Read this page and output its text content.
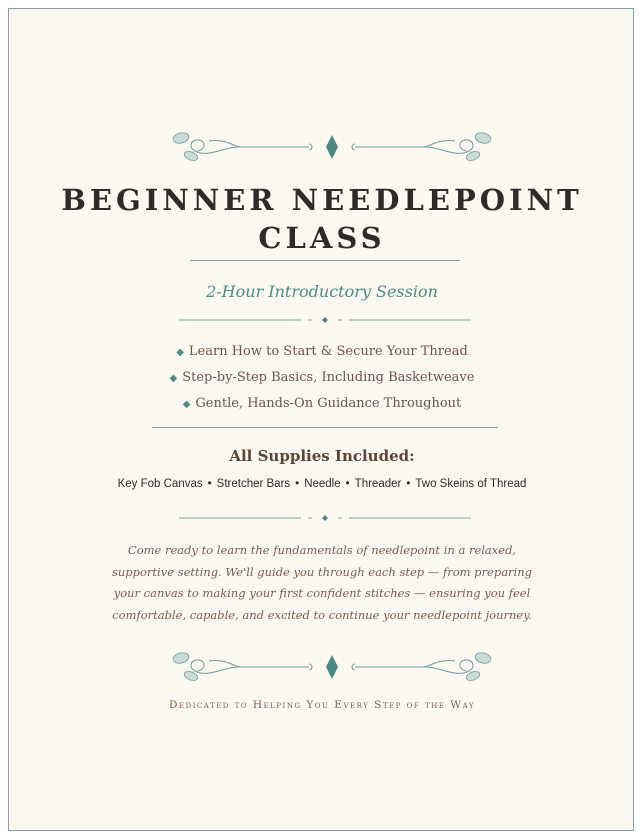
BEGINNER NEEDLEPOINT CLASS
2-Hour Introductory Session
◆ Learn How to Start & Secure Your Thread
◆ Step-by-Step Basics, Including Basketweave
◆ Gentle, Hands-On Guidance Throughout
All Supplies Included:
Key Fob Canvas • Stretcher Bars • Needle • Threader • Two Skeins of Thread

Come ready to learn the fundamentals of needlepoint in a relaxed, supportive setting. We'll guide you through each step — from preparing your canvas to making your first confident stitches — ensuring you feel comfortable, capable, and excited to continue your needlepoint journey.

Dedicated to Helping You Every Step of the Way
